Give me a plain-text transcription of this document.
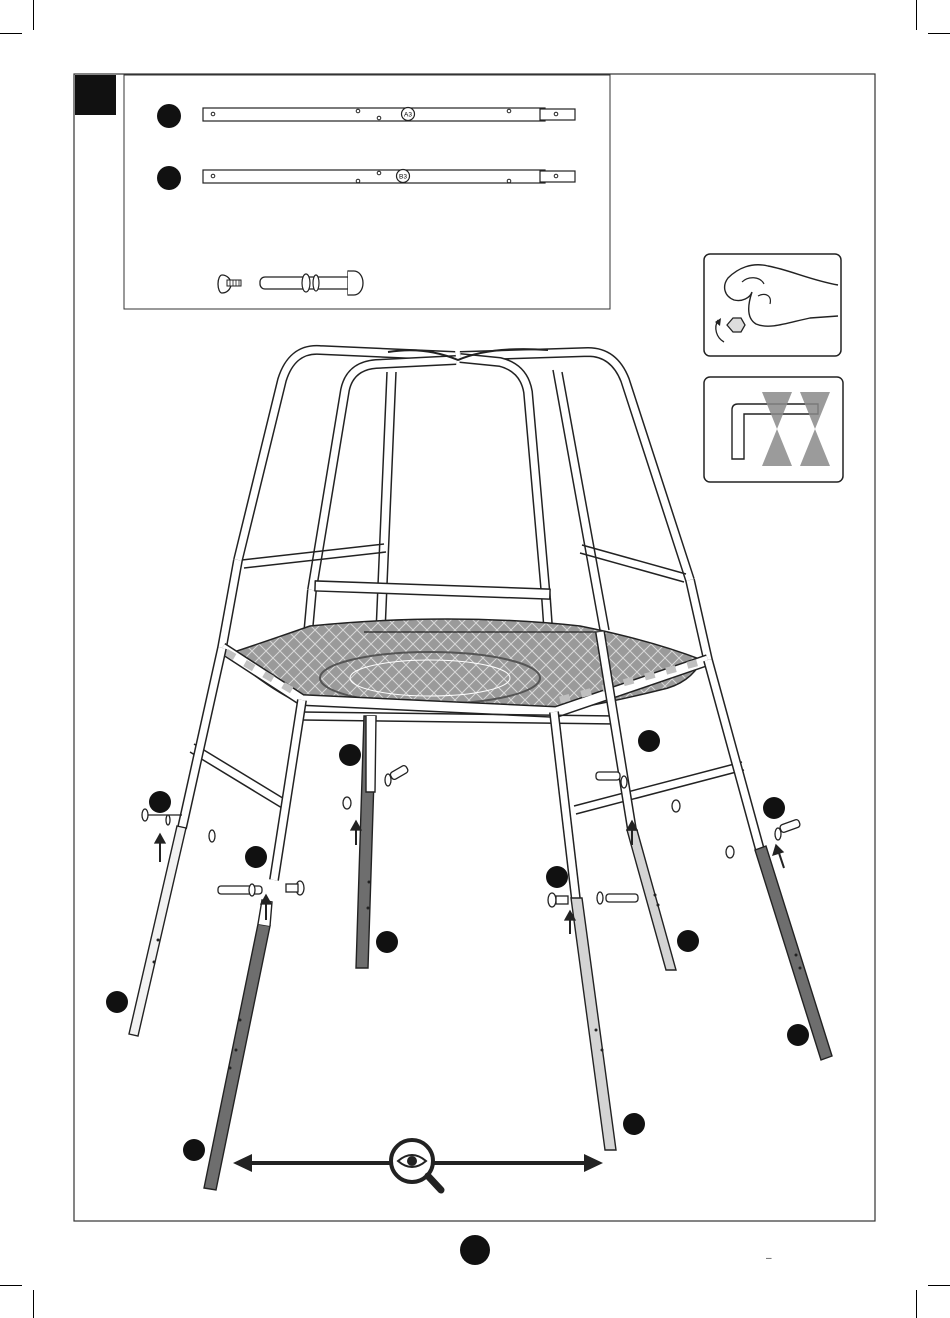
A3
B3
–
